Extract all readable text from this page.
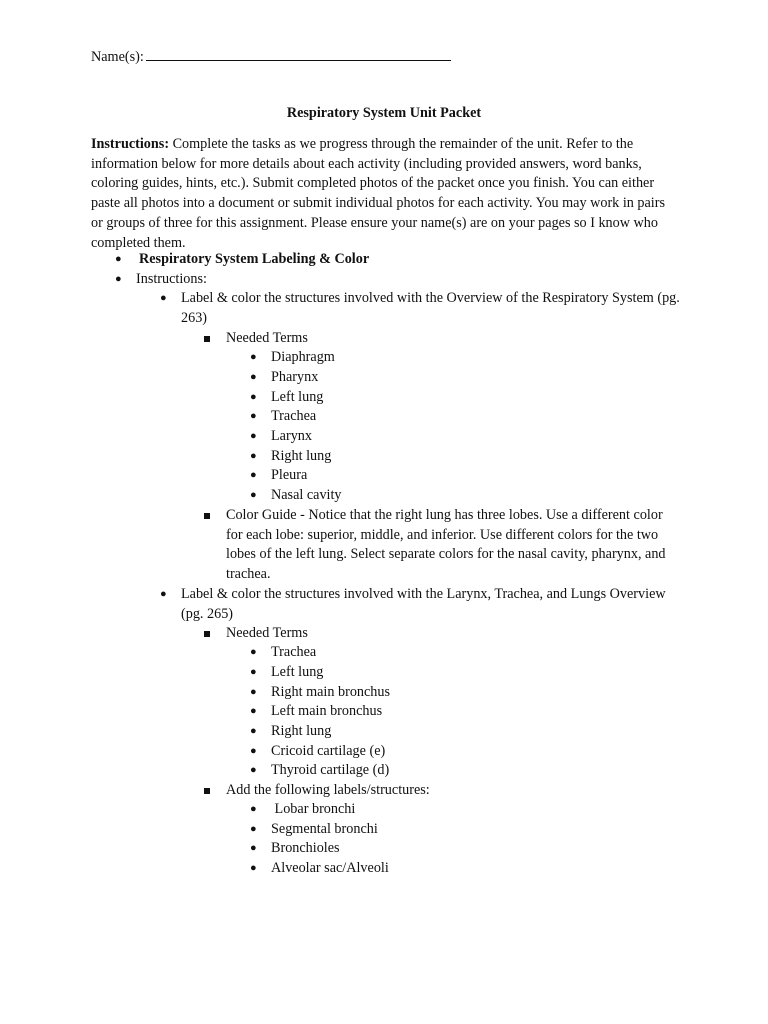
Name(s):
Respiratory System Unit Packet
Instructions: Complete the tasks as we progress through the remainder of the unit. Refer to the information below for more details about each activity (including provided answers, word banks, coloring guides, hints, etc.). Submit completed photos of the packet once you finish. You can either paste all photos into a document or submit individual photos for each activity. You may work in pairs or groups of three for this assignment. Please ensure your name(s) are on your pages so I know who completed them.
● Respiratory System Labeling & Color
● Instructions:
● Label & color the structures involved with the Overview of the Respiratory System (pg. 263)
Needed Terms
● Diaphragm
● Pharynx
● Left lung
● Trachea
● Larynx
● Right lung
● Pleura
● Nasal cavity
Color Guide - Notice that the right lung has three lobes. Use a different color for each lobe: superior, middle, and inferior. Use different colors for the two lobes of the left lung. Select separate colors for the nasal cavity, pharynx, and trachea.
● Label & color the structures involved with the Larynx, Trachea, and Lungs Overview (pg. 265)
Needed Terms
● Trachea
● Left lung
● Right main bronchus
● Left main bronchus
● Right lung
● Cricoid cartilage (e)
● Thyroid cartilage (d)
Add the following labels/structures:
● Lobar bronchi
● Segmental bronchi
● Bronchioles
● Alveolar sac/Alveoli
